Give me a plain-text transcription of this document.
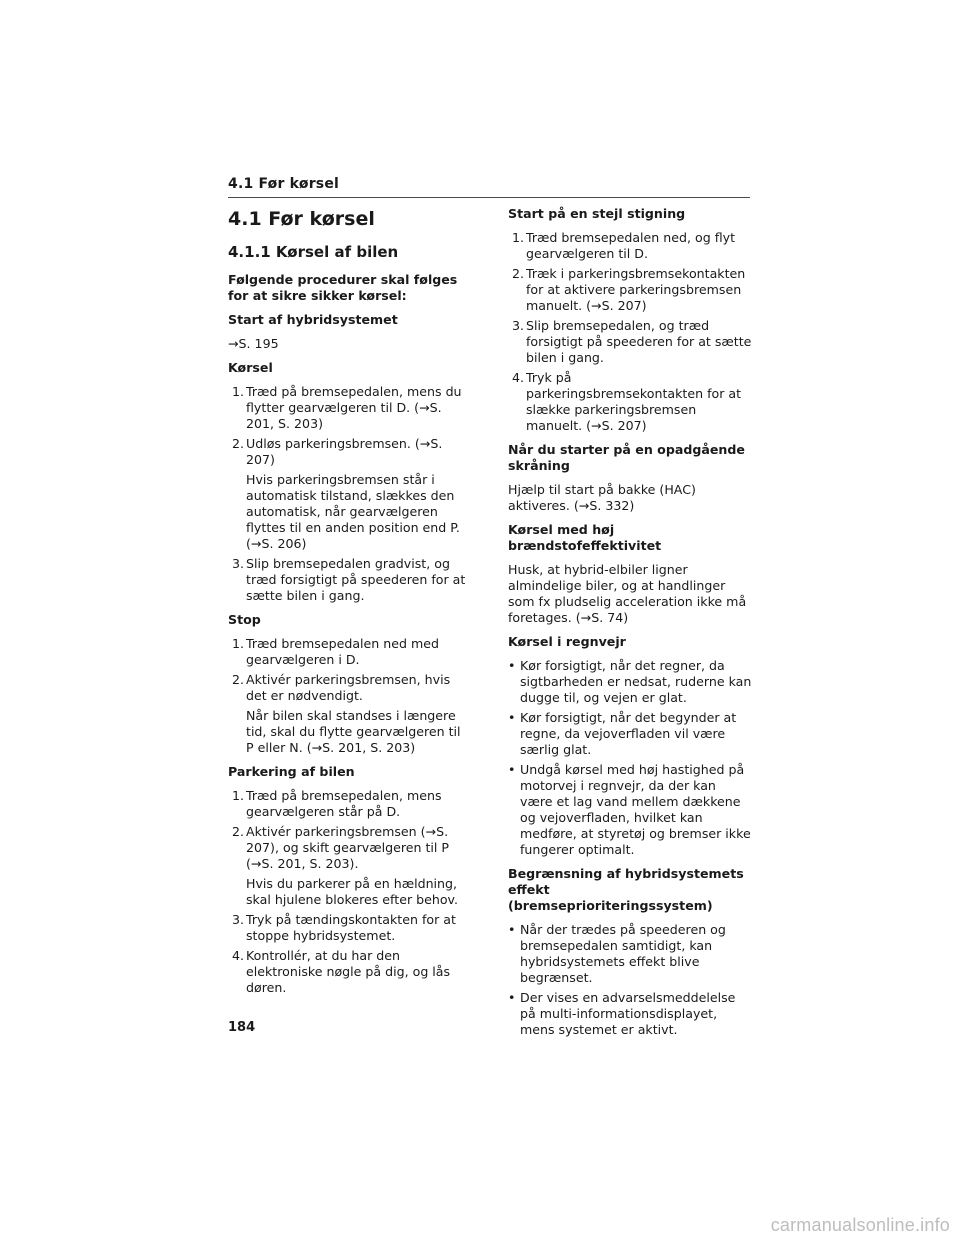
4.1 Før kørsel
4.1 Før kørsel
4.1.1 Kørsel af bilen
Følgende procedurer skal følges for at sikre sikker kørsel:
Start af hybridsystemet
→S. 195
Kørsel
1. Træd på bremsepedalen, mens du flytter gearvælgeren til D. (→S. 201, S. 203)
2. Udløs parkeringsbremsen. (→S. 207)
Hvis parkeringsbremsen står i automatisk tilstand, slækkes den automatisk, når gearvælgeren flyttes til en anden position end P. (→S. 206)
3. Slip bremsepedalen gradvist, og træd forsigtigt på speederen for at sætte bilen i gang.
Stop
1. Træd bremsepedalen ned med gearvælgeren i D.
2. Aktivér parkeringsbremsen, hvis det er nødvendigt.
Når bilen skal standses i længere tid, skal du flytte gearvælgeren til P eller N. (→S. 201, S. 203)
Parkering af bilen
1. Træd på bremsepedalen, mens gearvælgeren står på D.
2. Aktivér parkeringsbremsen (→S. 207), og skift gearvælgeren til P (→S. 201, S. 203).
Hvis du parkerer på en hældning, skal hjulene blokeres efter behov.
3. Tryk på tændingskontakten for at stoppe hybridsystemet.
4. Kontrollér, at du har den elektroniske nøgle på dig, og lås døren.
Start på en stejl stigning
1. Træd bremsepedalen ned, og flyt gearvælgeren til D.
2. Træk i parkeringsbremsekontakten for at aktivere parkeringsbremsen manuelt. (→S. 207)
3. Slip bremsepedalen, og træd forsigtigt på speederen for at sætte bilen i gang.
4. Tryk på parkeringsbremsekontakten for at slække parkeringsbremsen manuelt. (→S. 207)
Når du starter på en opadgående skråning
Hjælp til start på bakke (HAC) aktiveres. (→S. 332)
Kørsel med høj brændstofeffektivitet
Husk, at hybrid-elbiler ligner almindelige biler, og at handlinger som fx pludselig acceleration ikke må foretages. (→S. 74)
Kørsel i regnvejr
• Kør forsigtigt, når det regner, da sigtbarheden er nedsat, ruderne kan dugge til, og vejen er glat.
• Kør forsigtigt, når det begynder at regne, da vejoverfladen vil være særlig glat.
• Undgå kørsel med høj hastighed på motorvej i regnvejr, da der kan være et lag vand mellem dækkene og vejoverfladen, hvilket kan medføre, at styretøj og bremser ikke fungerer optimalt.
Begrænsning af hybridsystemets effekt (bremseprioriteringssystem)
• Når der trædes på speederen og bremsepedalen samtidigt, kan hybridsystemets effekt blive begrænset.
• Der vises en advarselsmeddelelse på multi-informationsdisplayet, mens systemet er aktivt.
184
carmanualsonline.info
